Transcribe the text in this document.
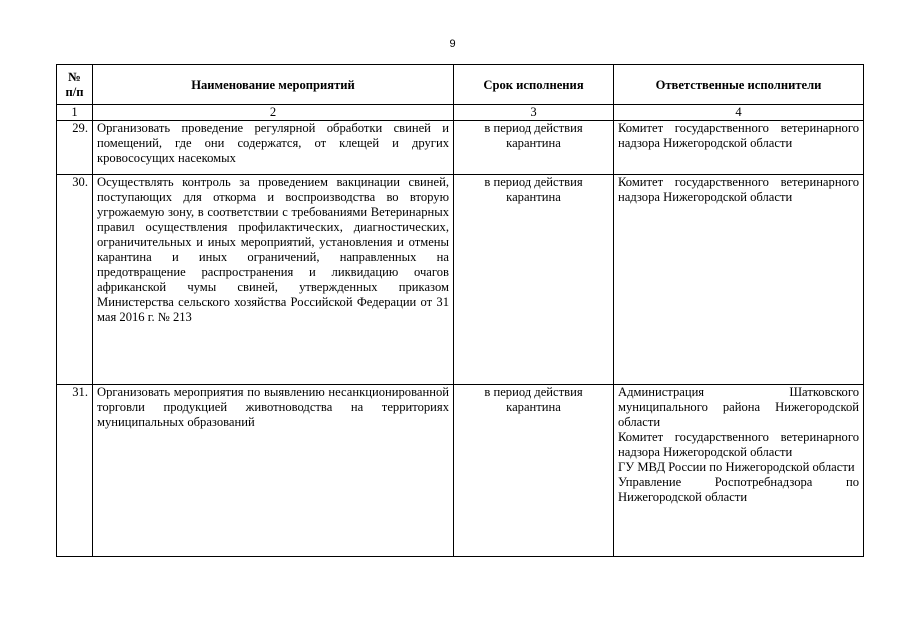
9
№
п/п	Наименование мероприятий	Срок исполнения	Ответственные исполнители
1	2	3	4
29.	Организовать проведение регулярной обработки свиней и помещений, где они содержатся, от клещей и других кровососущих насекомых	в период действия карантина	Комитет государственного ветеринарного надзора Нижегородской области

30.	Осуществлять контроль за проведением вакцинации свиней, поступающих для откорма и воспроизводства во вторую угрожаемую зону, в соответствии с требованиями Ветеринарных правил осуществления профилактических, диагностических, ограничительных и иных мероприятий, установления и отмены карантина и иных ограничений, направленных на предотвращение распространения и ликвидацию очагов африканской чумы свиней, утвержденных приказом Министерства сельского хозяйства Российской Федерации от 31 мая 2016 г. № 213	в период действия карантина	Комитет государственного ветеринарного надзора Нижегородской области

31.	Организовать мероприятия по выявлению несанкционированной торговли продукцией животноводства на территориях муниципальных образований	в период действия карантина	Администрация Шатковского муниципального района Нижегородской области
Комитет государственного ветеринарного надзора Нижегородской области
ГУ МВД России по Нижегородской области
Управление Роспотребнадзора по Нижегородской области
